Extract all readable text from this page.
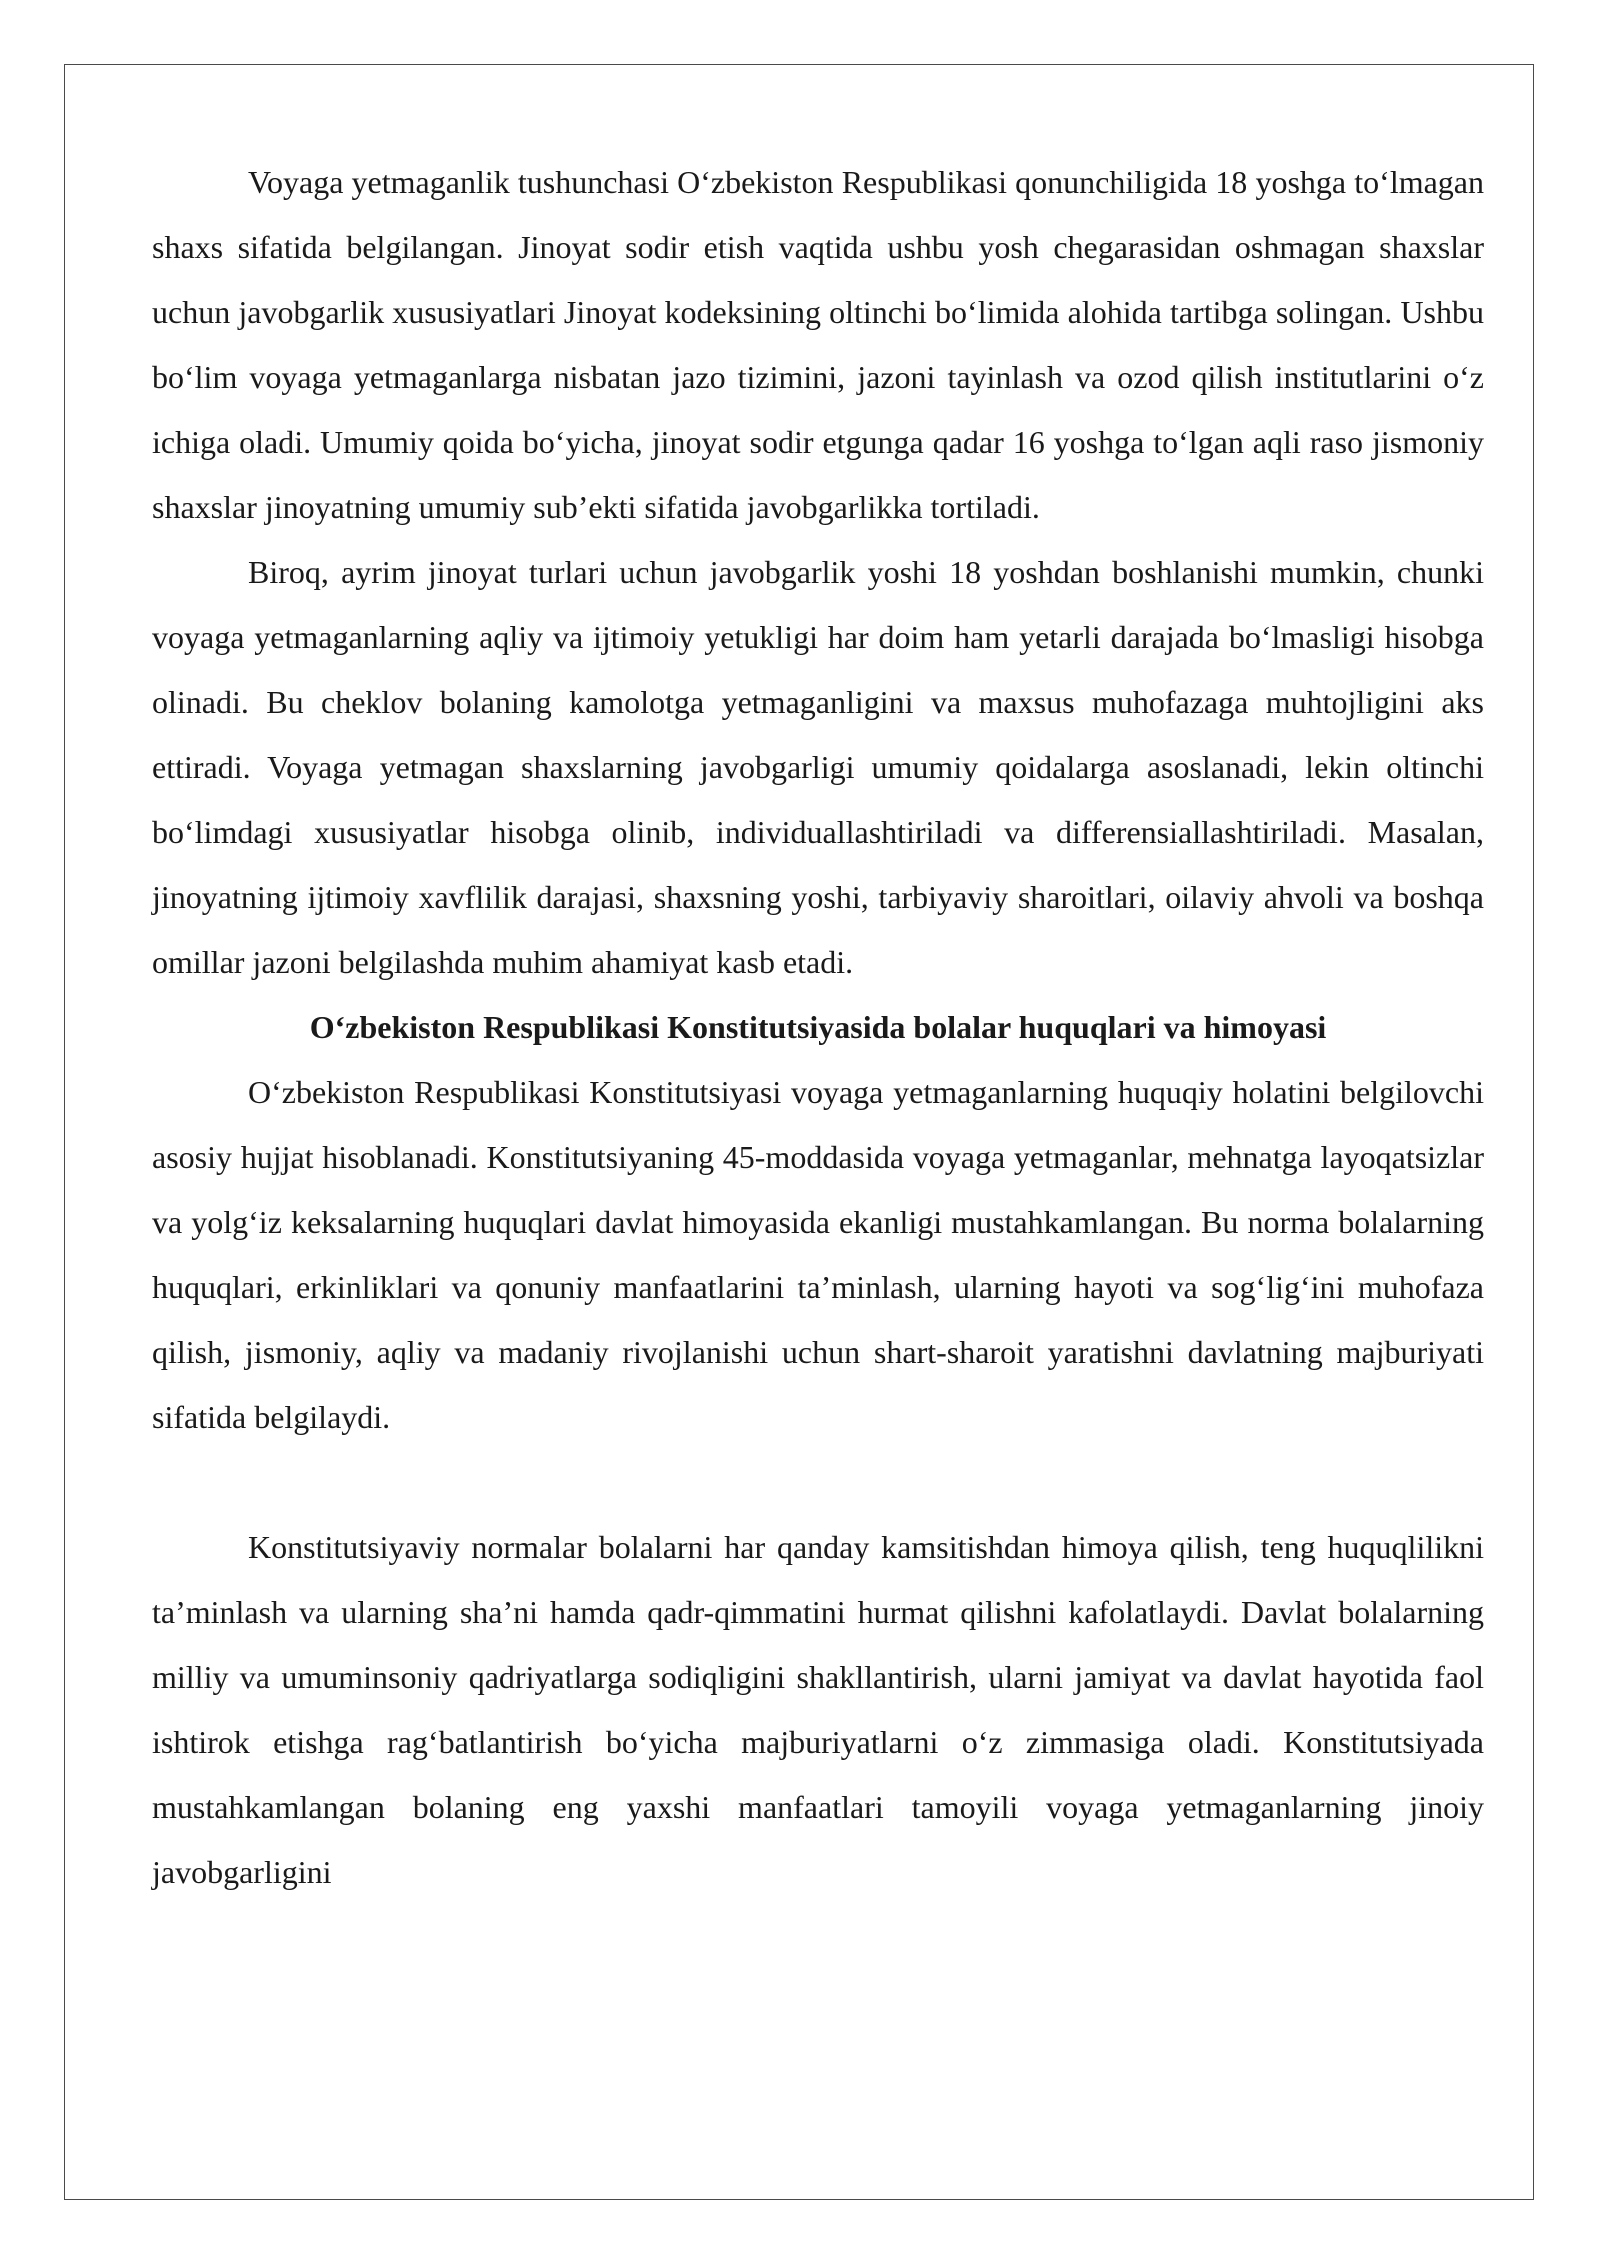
Voyaga yetmaganlik tushunchasi Oʻzbekiston Respublikasi qonunchiligida 18 yoshga toʻlmagan shaxs sifatida belgilangan. Jinoyat sodir etish vaqtida ushbu yosh chegarasidan oshmagan shaxslar uchun javobgarlik xususiyatlari Jinoyat kodeksining oltinchi boʻlimida alohida tartibga solingan. Ushbu boʻlim voyaga yetmaganlarga nisbatan jazo tizimini, jazoni tayinlash va ozod qilish institutlarini oʻz ichiga oladi. Umumiy qoida boʻyicha, jinoyat sodir etgunga qadar 16 yoshga toʻlgan aqli raso jismoniy shaxslar jinoyatning umumiy sub’ekti sifatida javobgarlikka tortiladi.

Biroq, ayrim jinoyat turlari uchun javobgarlik yoshi 18 yoshdan boshlanishi mumkin, chunki voyaga yetmaganlarning aqliy va ijtimoiy yetukligi har doim ham yetarli darajada boʻlmasligi hisobga olinadi. Bu cheklov bolaning kamolotga yetmaganligini va maxsus muhofazaga muhtojligini aks ettiradi. Voyaga yetmagan shaxslarning javobgarligi umumiy qoidalarga asoslanadi, lekin oltinchi boʻlimdagi xususiyatlar hisobga olinib, individuallashtiriladi va differensiallashtiriladi. Masalan, jinoyatning ijtimoiy xavflilik darajasi, shaxsning yoshi, tarbiyaviy sharoitlari, oilaviy ahvoli va boshqa omillar jazoni belgilashda muhim ahamiyat kasb etadi.

Oʻzbekiston Respublikasi Konstitutsiyasida bolalar huquqlari va himoyasi

Oʻzbekiston Respublikasi Konstitutsiyasi voyaga yetmaganlarning huquqiy holatini belgilovchi asosiy hujjat hisoblanadi. Konstitutsiyaning 45-moddasida voyaga yetmaganlar, mehnatga layoqatsizlar va yolgʻiz keksalarning huquqlari davlat himoyasida ekanligi mustahkamlangan. Bu norma bolalarning huquqlari, erkinliklari va qonuniy manfaatlarini ta’minlash, ularning hayoti va sogʻligʻini muhofaza qilish, jismoniy, aqliy va madaniy rivojlanishi uchun shart-sharoit yaratishni davlatning majburiyati sifatida belgilaydi.

Konstitutsiyaviy normalar bolalarni har qanday kamsitishdan himoya qilish, teng huquqlilikni ta’minlash va ularning sha’ni hamda qadr-qimmatini hurmat qilishni kafolatlaydi. Davlat bolalarning milliy va umuminsoniy qadriyatlarga sodiqligini shakllantirish, ularni jamiyat va davlat hayotida faol ishtirok etishga ragʻbatlantirish boʻyicha majburiyatlarni oʻz zimmasiga oladi. Konstitutsiyada mustahkamlangan bolaning eng yaxshi manfaatlari tamoyili voyaga yetmaganlarning jinoiy javobgarligini
